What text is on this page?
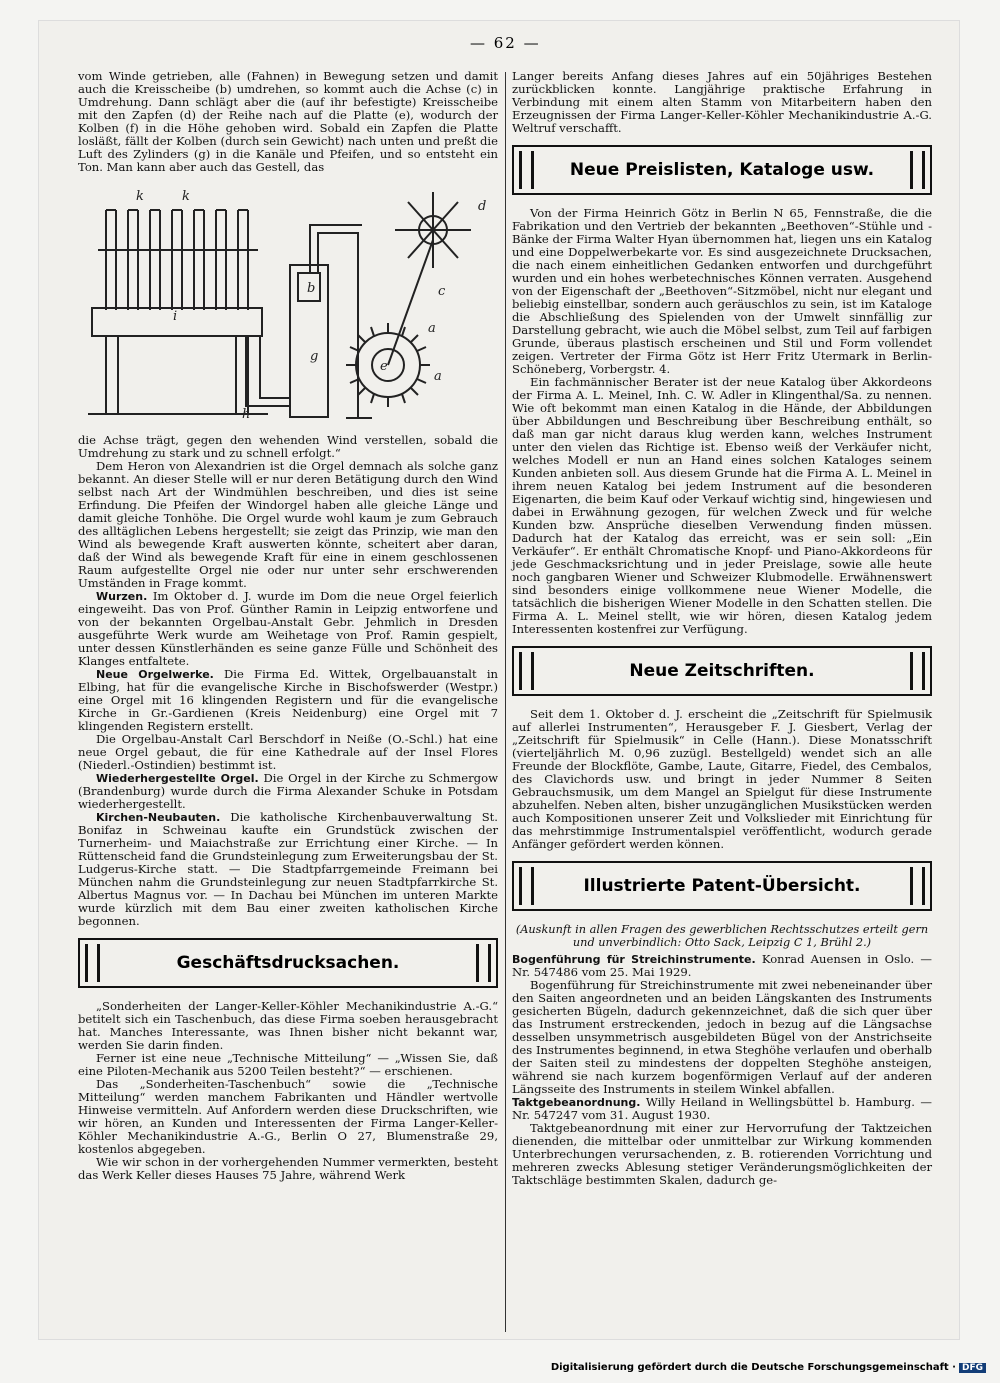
— 62 —

vom Winde getrieben, alle (Fahnen) in Bewegung setzen und damit auch die Kreisscheibe (b) umdrehen, so kommt auch die Achse (c) in Umdrehung. Dann schlägt aber die (auf ihr befestigte) Kreisscheibe mit den Zapfen (d) der Reihe nach auf die Platte (e), wodurch der Kolben (f) in die Höhe gehoben wird. Sobald ein Zapfen die Platte losläßt, fällt der Kolben (durch sein Gewicht) nach unten und preßt die Luft des Zylinders (g) in die Kanäle und Pfeifen, und so entsteht ein Ton. Man kann aber auch das Gestell, das

k	k
d
b	c
i
g
a
a
h
e

die Achse trägt, gegen den wehenden Wind verstellen, sobald die Umdrehung zu stark und zu schnell erfolgt.“

Dem Heron von Alexandrien ist die Orgel demnach als solche ganz bekannt. An dieser Stelle will er nur deren Betätigung durch den Wind selbst nach Art der Windmühlen beschreiben, und dies ist seine Erfindung. Die Pfeifen der Windorgel haben alle gleiche Länge und damit gleiche Tonhöhe. Die Orgel wurde wohl kaum je zum Gebrauch des alltäglichen Lebens hergestellt; sie zeigt das Prinzip, wie man den Wind als bewegende Kraft auswerten könnte, scheitert aber daran, daß der Wind als bewegende Kraft für eine in einem geschlossenen Raum aufgestellte Orgel nie oder nur unter sehr erschwerenden Umständen in Frage kommt.

Wurzen. Im Oktober d. J. wurde im Dom die neue Orgel feierlich eingeweiht. Das von Prof. Günther Ramin in Leipzig entworfene und von der bekannten Orgelbau-Anstalt Gebr. Jehmlich in Dresden ausgeführte Werk wurde am Weihetage von Prof. Ramin gespielt, unter dessen Künstlerhänden es seine ganze Fülle und Schönheit des Klanges entfaltete.

Neue Orgelwerke. Die Firma Ed. Wittek, Orgelbauanstalt in Elbing, hat für die evangelische Kirche in Bischofswerder (Westpr.) eine Orgel mit 16 klingenden Registern und für die evangelische Kirche in Gr.-Gardienen (Kreis Neidenburg) eine Orgel mit 7 klingenden Registern erstellt.

Die Orgelbau-Anstalt Carl Berschdorf in Neiße (O.-Schl.) hat eine neue Orgel gebaut, die für eine Kathedrale auf der Insel Flores (Niederl.-Ostindien) bestimmt ist.

Wiederhergestellte Orgel. Die Orgel in der Kirche zu Schmergow (Brandenburg) wurde durch die Firma Alexander Schuke in Potsdam wiederhergestellt.

Kirchen-Neubauten. Die katholische Kirchenbauverwaltung St. Bonifaz in Schweinau kaufte ein Grundstück zwischen der Turnerheim- und Maiachstraße zur Errichtung einer Kirche. — In Rüttenscheid fand die Grundsteinlegung zum Erweiterungsbau der St. Ludgerus-Kirche statt. — Die Stadtpfarrgemeinde Freimann bei München nahm die Grundsteinlegung zur neuen Stadtpfarrkirche St. Albertus Magnus vor. — In Dachau bei München im unteren Markte wurde kürzlich mit dem Bau einer zweiten katholischen Kirche begonnen.

Geschäftsdrucksachen.

„Sonderheiten der Langer-Keller-Köhler Mechanikindustrie A.-G.“ betitelt sich ein Taschenbuch, das diese Firma soeben herausgebracht hat. Manches Interessante, was Ihnen bisher nicht bekannt war, werden Sie darin finden.

Ferner ist eine neue „Technische Mitteilung“ — „Wissen Sie, daß eine Piloten-Mechanik aus 5200 Teilen besteht?“ — erschienen.

Das „Sonderheiten-Taschenbuch“ sowie die „Technische Mitteilung“ werden manchem Fabrikanten und Händler wertvolle Hinweise vermitteln. Auf Anfordern werden diese Druckschriften, wie wir hören, an Kunden und Interessenten der Firma Langer-Keller-Köhler Mechanikindustrie A.-G., Berlin O 27, Blumenstraße 29, kostenlos abgegeben.

Wie wir schon in der vorhergehenden Nummer vermerkten, besteht das Werk Keller dieses Hauses 75 Jahre, während Werk

Langer bereits Anfang dieses Jahres auf ein 50jähriges Bestehen zurückblicken konnte. Langjährige praktische Erfahrung in Verbindung mit einem alten Stamm von Mitarbeitern haben den Erzeugnissen der Firma Langer-Keller-Köhler Mechanikindustrie A.-G. Weltruf verschafft.

Neue Preislisten, Kataloge usw.

Von der Firma Heinrich Götz in Berlin N 65, Fennstraße, die die Fabrikation und den Vertrieb der bekannten „Beethoven“-Stühle und -Bänke der Firma Walter Hyan übernommen hat, liegen uns ein Katalog und eine Doppelwerbekarte vor. Es sind ausgezeichnete Drucksachen, die nach einem einheitlichen Gedanken entworfen und durchgeführt wurden und ein hohes werbetechnisches Können verraten. Ausgehend von der Eigenschaft der „Beethoven“-Sitzmöbel, nicht nur elegant und beliebig einstellbar, sondern auch geräuschlos zu sein, ist im Kataloge die Abschließung des Spielenden von der Umwelt sinnfällig zur Darstellung gebracht, wie auch die Möbel selbst, zum Teil auf farbigen Grunde, überaus plastisch erscheinen und Stil und Form vollendet zeigen. Vertreter der Firma Götz ist Herr Fritz Utermark in Berlin-Schöneberg, Vorbergstr. 4.

Ein fachmännischer Berater ist der neue Katalog über Akkordeons der Firma A. L. Meinel, Inh. C. W. Adler in Klingenthal/Sa. zu nennen. Wie oft bekommt man einen Katalog in die Hände, der Abbildungen über Abbildungen und Beschreibung über Beschreibung enthält, so daß man gar nicht daraus klug werden kann, welches Instrument unter den vielen das Richtige ist. Ebenso weiß der Verkäufer nicht, welches Modell er nun an Hand eines solchen Kataloges seinem Kunden anbieten soll. Aus diesem Grunde hat die Firma A. L. Meinel in ihrem neuen Katalog bei jedem Instrument auf die besonderen Eigenarten, die beim Kauf oder Verkauf wichtig sind, hingewiesen und dabei in Erwähnung gezogen, für welchen Zweck und für welche Kunden bzw. Ansprüche dieselben Verwendung finden müssen. Dadurch hat der Katalog das erreicht, was er sein soll: „Ein Verkäufer“. Er enthält Chromatische Knopf- und Piano-Akkordeons für jede Geschmacksrichtung und in jeder Preislage, sowie alle heute noch gangbaren Wiener und Schweizer Klubmodelle. Erwähnenswert sind besonders einige vollkommene neue Wiener Modelle, die tatsächlich die bisherigen Wiener Modelle in den Schatten stellen. Die Firma A. L. Meinel stellt, wie wir hören, diesen Katalog jedem Interessenten kostenfrei zur Verfügung.

Neue Zeitschriften.

Seit dem 1. Oktober d. J. erscheint die „Zeitschrift für Spielmusik auf allerlei Instrumenten“, Herausgeber F. J. Giesbert, Verlag der „Zeitschrift für Spielmusik“ in Celle (Hann.). Diese Monatsschrift (vierteljährlich M. 0,96 zuzügl. Bestellgeld) wendet sich an alle Freunde der Blockflöte, Gambe, Laute, Gitarre, Fiedel, des Cembalos, des Clavichords usw. und bringt in jeder Nummer 8 Seiten Gebrauchsmusik, um dem Mangel an Spielgut für diese Instrumente abzuhelfen. Neben alten, bisher unzugänglichen Musikstücken werden auch Kompositionen unserer Zeit und Volkslieder mit Einrichtung für das mehrstimmige Instrumentalspiel veröffentlicht, wodurch gerade Anfänger gefördert werden können.

Illustrierte Patent-Übersicht.

(Auskunft in allen Fragen des gewerblichen Rechtsschutzes erteilt gern und unverbindlich: Otto Sack, Leipzig C 1, Brühl 2.)

Bogenführung für Streichinstrumente. Konrad Auensen in Oslo. — Nr. 547486 vom 25. Mai 1929.

Bogenführung für Streichinstrumente mit zwei nebeneinander über den Saiten angeordneten und an beiden Längskanten des Instruments gesicherten Bügeln, dadurch gekennzeichnet, daß die sich quer über das Instrument erstreckenden, jedoch in bezug auf die Längsachse desselben unsymmetrisch ausgebildeten Bügel von der Anstrichseite des Instrumentes beginnend, in etwa Steghöhe verlaufen und oberhalb der Saiten steil zu mindestens der doppelten Steghöhe ansteigen, während sie nach kurzem bogenförmigen Verlauf auf der anderen Längsseite des Instruments in steilem Winkel abfallen.

Taktgebeanordnung. Willy Heiland in Wellingsbüttel b. Hamburg. — Nr. 547247 vom 31. August 1930.

Taktgebeanordnung mit einer zur Hervorrufung der Taktzeichen dienenden, die mittelbar oder unmittelbar zur Wirkung kommenden Unterbrechungen verursachenden, z. B. rotierenden Vorrichtung und mehreren zwecks Ablesung stetiger Veränderungsmöglichkeiten der Taktschläge bestimmten Skalen, dadurch ge-

Digitalisierung gefördert durch die Deutsche Forschungsgemeinschaft · DFG
